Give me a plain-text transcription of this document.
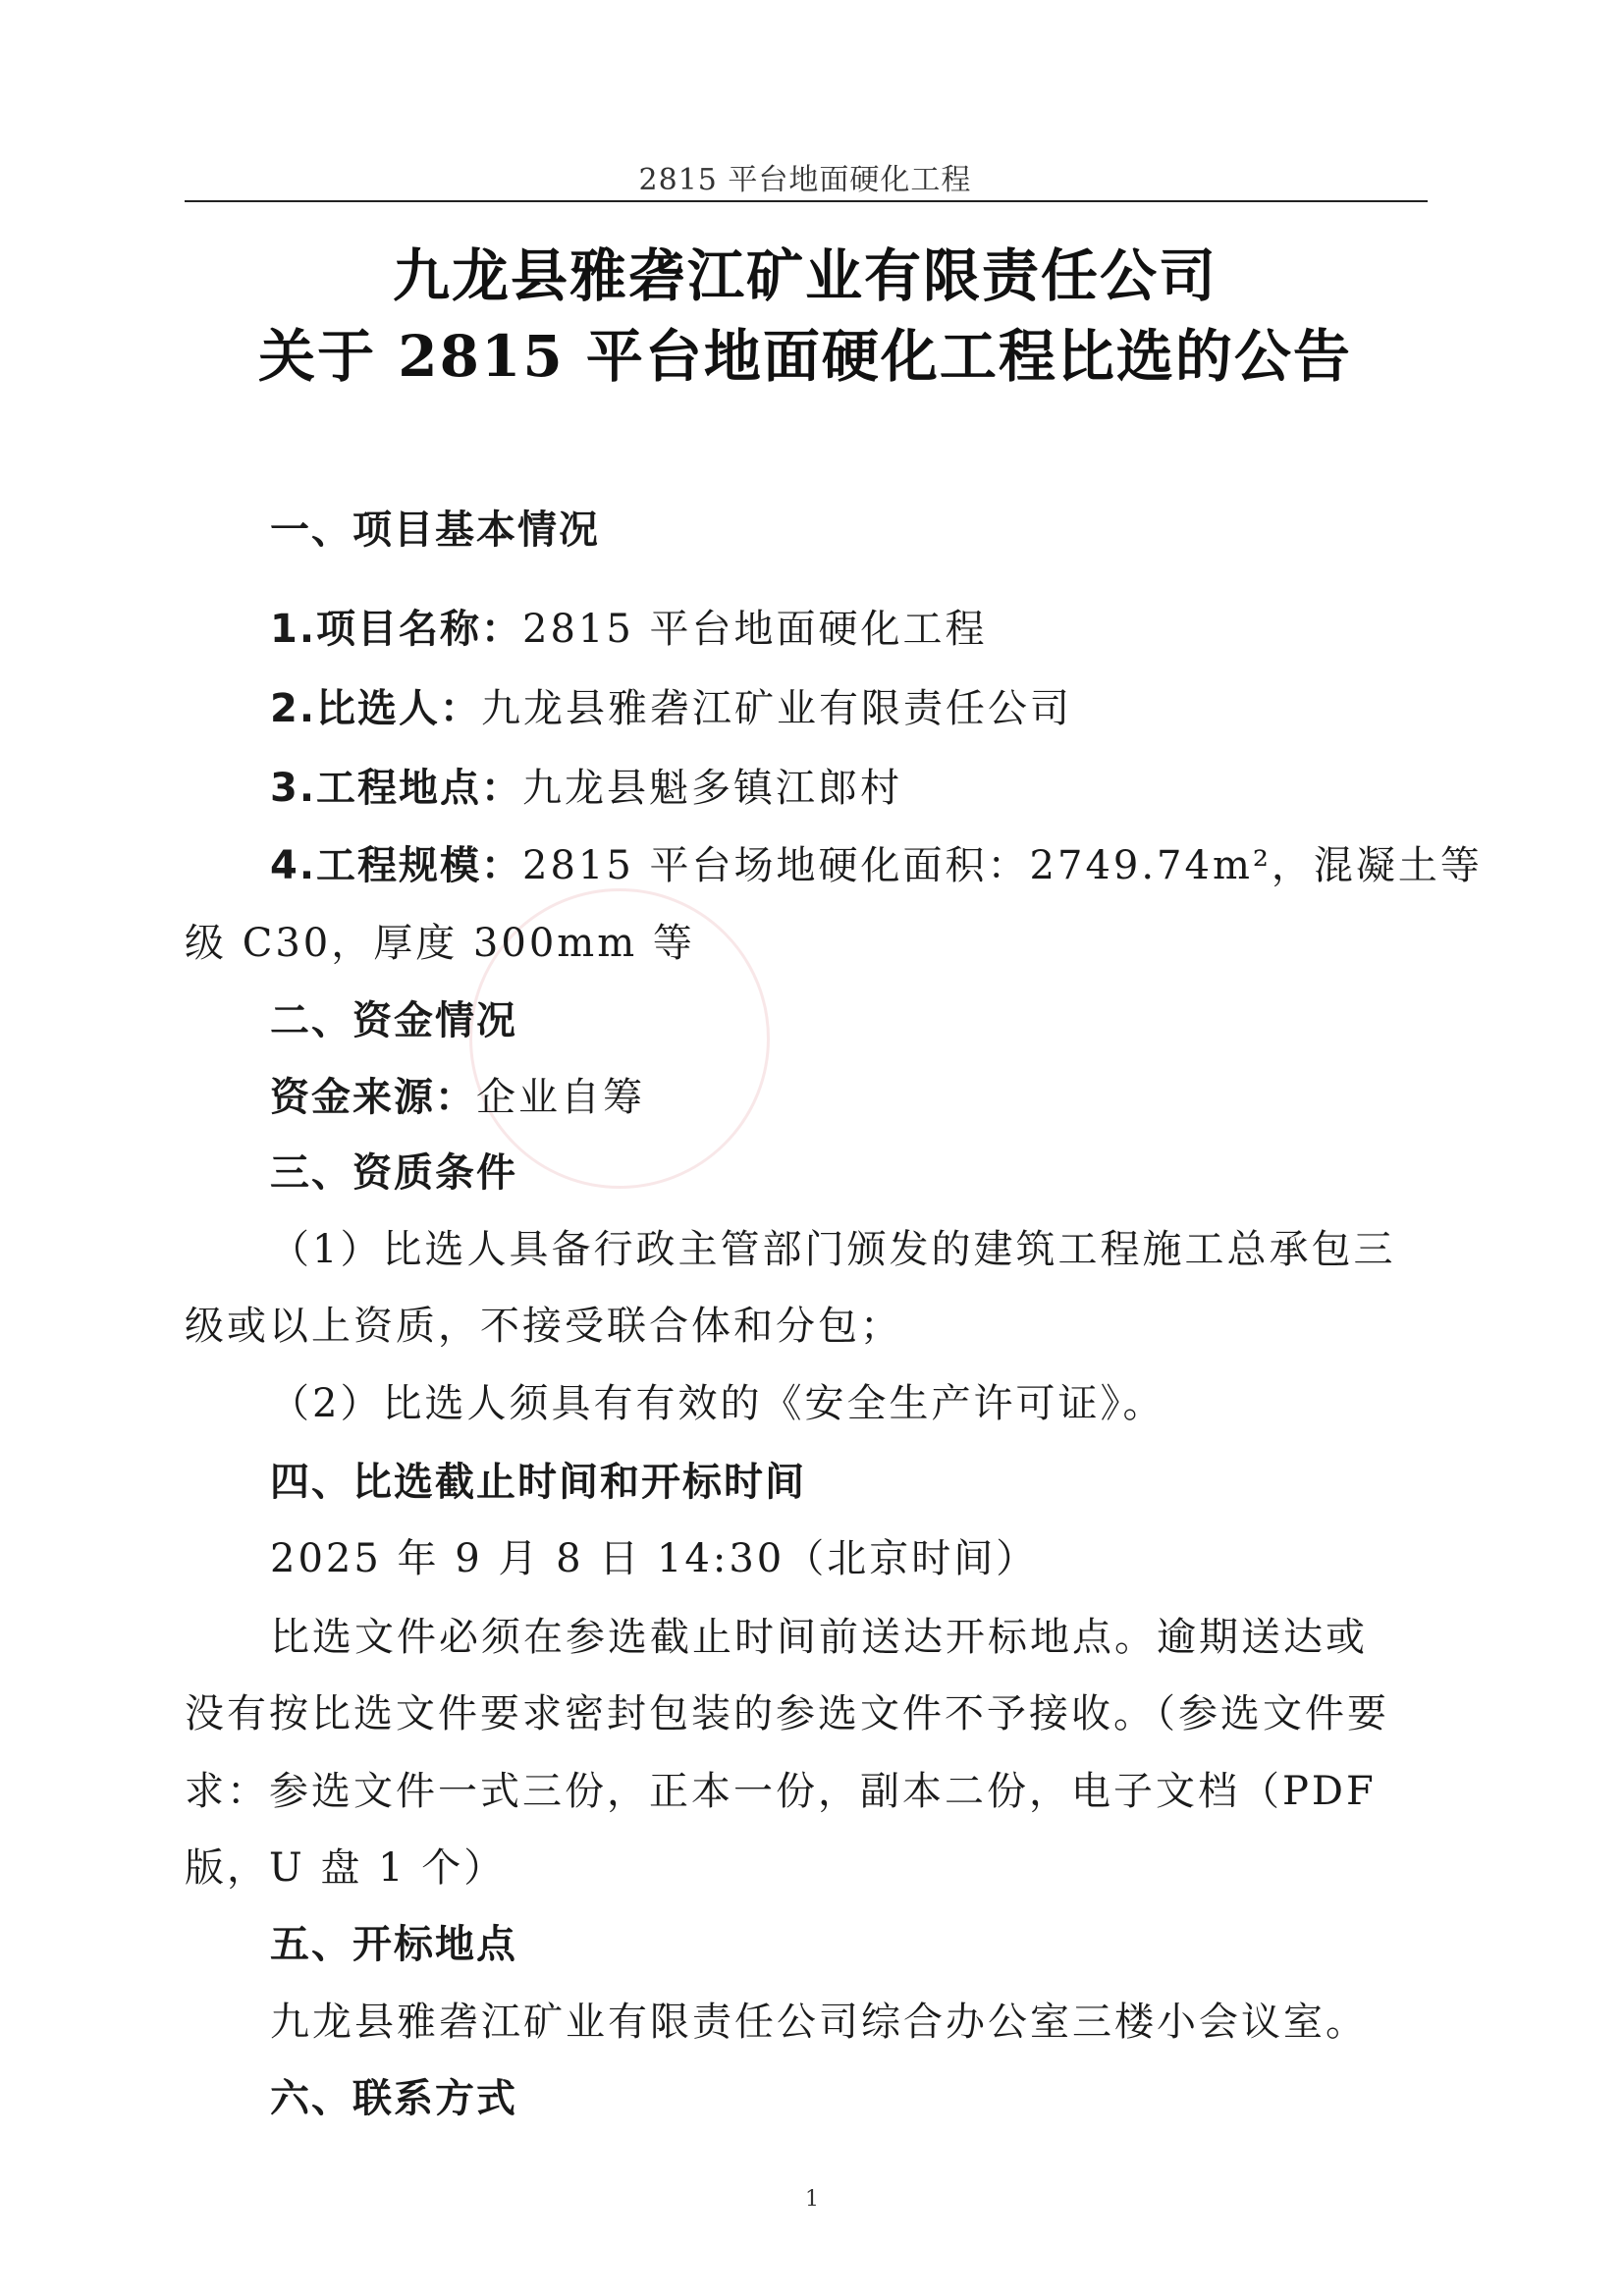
2815 平台地面硬化工程
九龙县雅砻江矿业有限责任公司
关于 2815 平台地面硬化工程比选的公告
一、项目基本情况
1.项目名称：2815 平台地面硬化工程
2.比选人：九龙县雅砻江矿业有限责任公司
3.工程地点：九龙县魁多镇江郎村
4.工程规模：2815 平台场地硬化面积：2749.74m²，混凝土等
级 C30，厚度 300mm 等
二、资金情况
资金来源：企业自筹
三、资质条件
（1）比选人具备行政主管部门颁发的建筑工程施工总承包三
级或以上资质，不接受联合体和分包；
（2）比选人须具有有效的《安全生产许可证》。
四、比选截止时间和开标时间
2025 年 9 月 8 日 14:30（北京时间）
比选文件必须在参选截止时间前送达开标地点。逾期送达或
没有按比选文件要求密封包装的参选文件不予接收。（参选文件要
求：参选文件一式三份，正本一份，副本二份，电子文档（PDF
版，U 盘 1 个）
五、开标地点
九龙县雅砻江矿业有限责任公司综合办公室三楼小会议室。
六、联系方式
1
